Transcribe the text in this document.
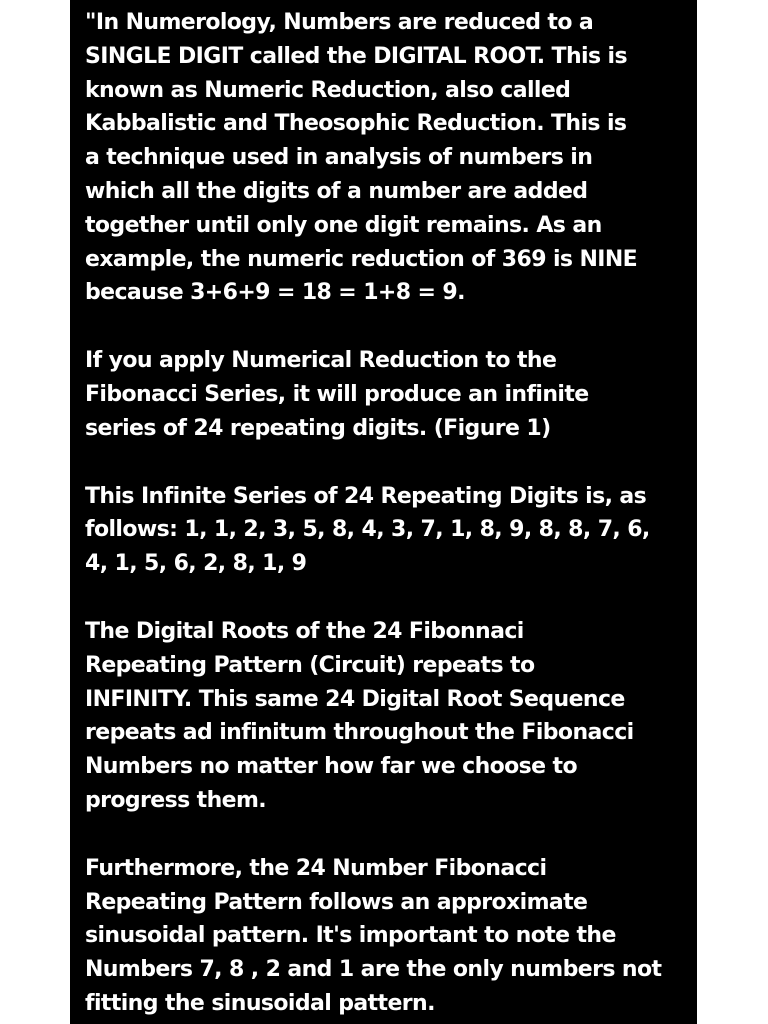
"In Numerology, Numbers are reduced to a
SINGLE DIGIT called the DIGITAL ROOT. This is
known as Numeric Reduction, also called
Kabbalistic and Theosophic Reduction. This is
a technique used in analysis of numbers in
which all the digits of a number are added
together until only one digit remains. As an
example, the numeric reduction of 369 is NINE
because 3+6+9 = 18 = 1+8 = 9.

If you apply Numerical Reduction to the
Fibonacci Series, it will produce an infinite
series of 24 repeating digits. (Figure 1)

This Infinite Series of 24 Repeating Digits is, as
follows: 1, 1, 2, 3, 5, 8, 4, 3, 7, 1, 8, 9, 8, 8, 7, 6,
4, 1, 5, 6, 2, 8, 1, 9

The Digital Roots of the 24 Fibonnaci
Repeating Pattern (Circuit) repeats to
INFINITY. This same 24 Digital Root Sequence
repeats ad infinitum throughout the Fibonacci
Numbers no matter how far we choose to
progress them.

Furthermore, the 24 Number Fibonacci
Repeating Pattern follows an approximate
sinusoidal pattern. It's important to note the
Numbers 7, 8 , 2 and 1 are the only numbers not
fitting the sinusoidal pattern.
